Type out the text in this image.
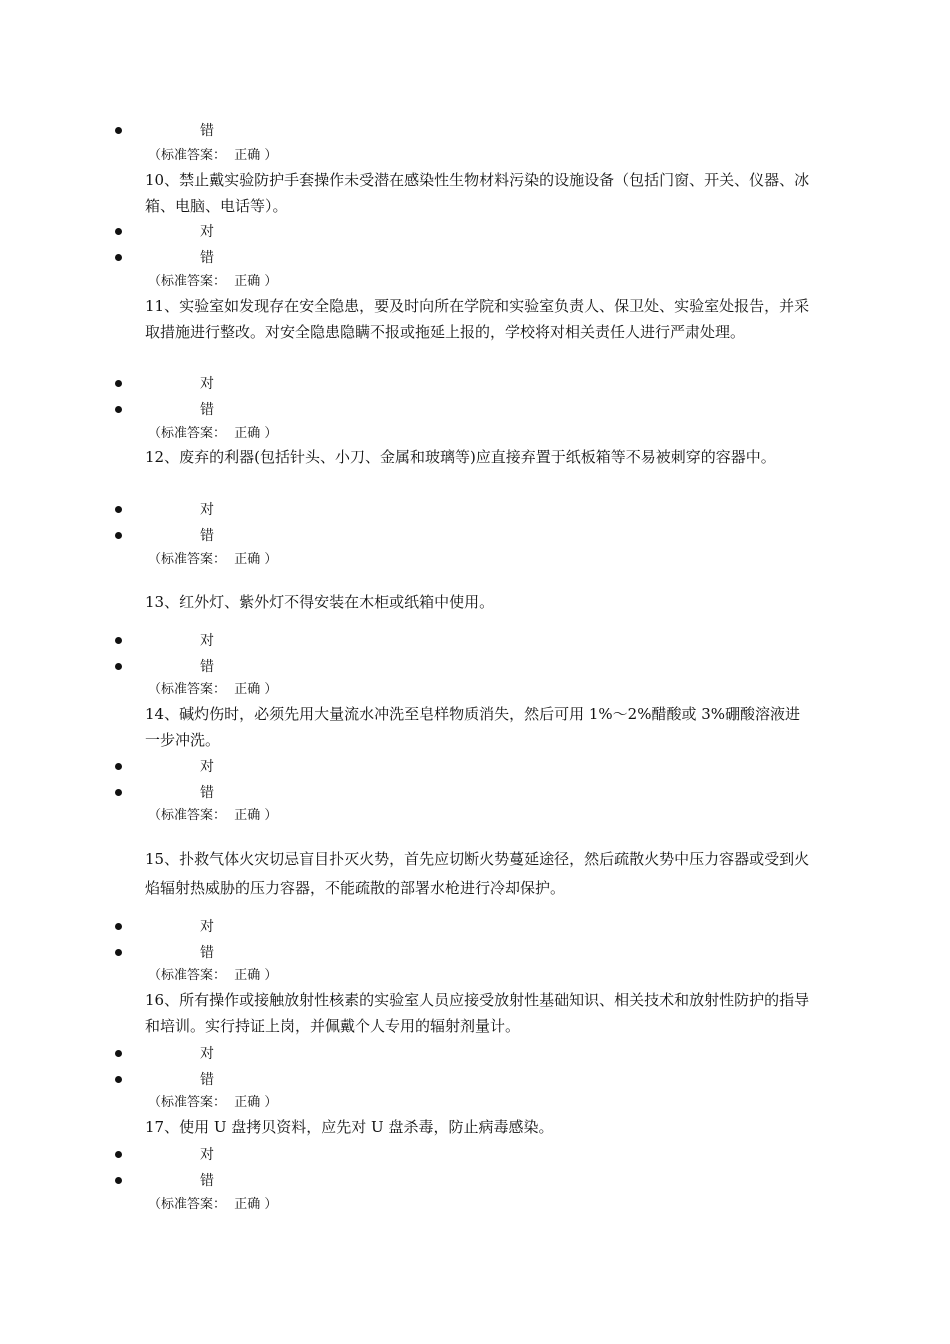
错
（标准答案：  正确 ）
10、禁止戴实验防护手套操作未受潜在感染性生物材料污染的设施设备（包括门窗、开关、仪器、冰箱、电脑、电话等）。
对
错
（标准答案：  正确 ）
11、实验室如发现存在安全隐患，要及时向所在学院和实验室负责人、保卫处、实验室处报告，并采取措施进行整改。对安全隐患隐瞒不报或拖延上报的，学校将对相关责任人进行严肃处理。
对
错
（标准答案：  正确 ）
12、废弃的利器(包括针头、小刀、金属和玻璃等)应直接弃置于纸板箱等不易被刺穿的容器中。
对
错
（标准答案：  正确 ）
13、红外灯、紫外灯不得安装在木柜或纸箱中使用。
对
错
（标准答案：  正确 ）
14、碱灼伤时，必须先用大量流水冲洗至皂样物质消失，然后可用 1%～2%醋酸或 3%硼酸溶液进一步冲洗。
对
错
（标准答案：  正确 ）
15、扑救气体火灾切忌盲目扑灭火势，首先应切断火势蔓延途径，然后疏散火势中压力容器或受到火焰辐射热威胁的压力容器，不能疏散的部署水枪进行冷却保护。
对
错
（标准答案：  正确 ）
16、所有操作或接触放射性核素的实验室人员应接受放射性基础知识、相关技术和放射性防护的指导和培训。实行持证上岗，并佩戴个人专用的辐射剂量计。
对
错
（标准答案：  正确 ）
17、使用 U 盘拷贝资料，应先对 U 盘杀毒，防止病毒感染。
对
错
（标准答案：  正确 ）
